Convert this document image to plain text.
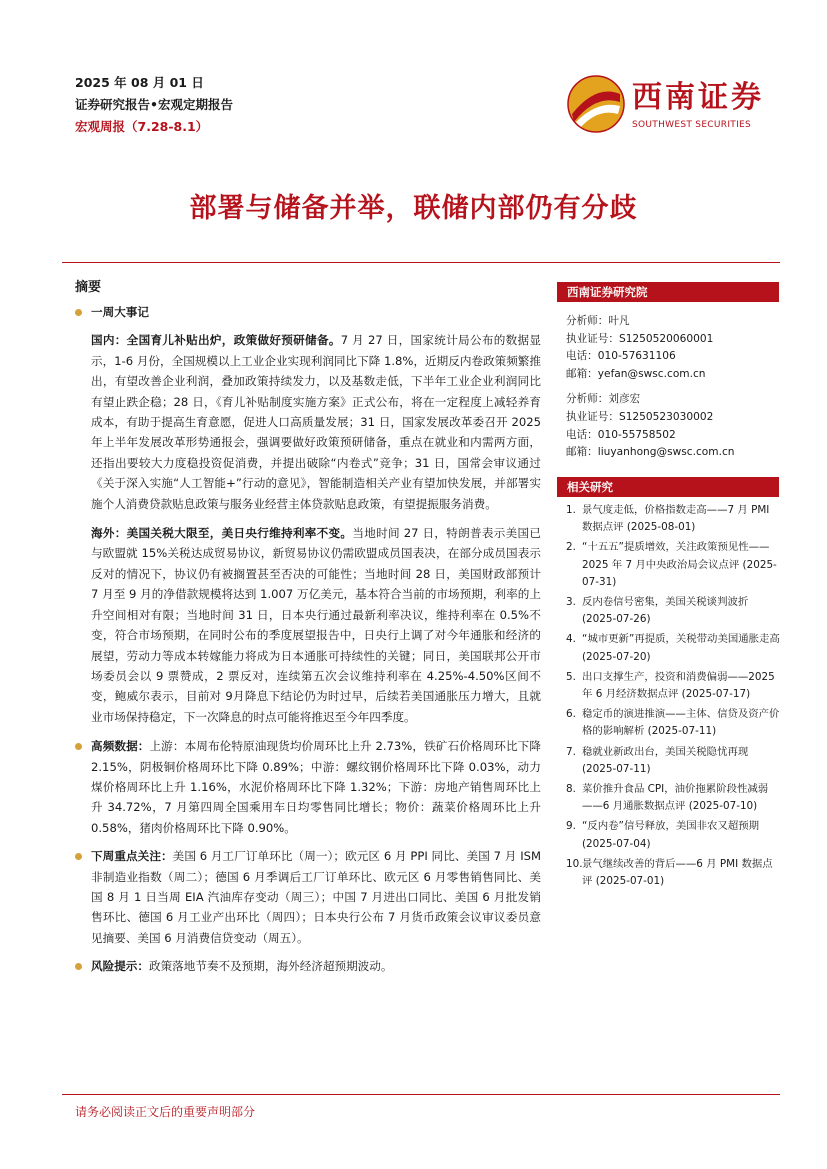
2025 年 08 月 01 日
证券研究报告•宏观定期报告
宏观周报（7.28-8.1）
西南证券
SOUTHWEST SECURITIES
部署与储备并举，联储内部仍有分歧
摘要
一周大事记
国内：全国育儿补贴出炉，政策做好预研储备。7 月 27 日，国家统计局公布的数据显示，1-6 月份，全国规模以上工业企业实现利润同比下降 1.8%，近期反内卷政策频繁推出，有望改善企业利润，叠加政策持续发力，以及基数走低，下半年工业企业利润同比有望止跌企稳；28 日，《育儿补贴制度实施方案》正式公布，将在一定程度上减轻养育成本，有助于提高生育意愿，促进人口高质量发展；31 日，国家发展改革委召开 2025年上半年发展改革形势通报会，强调要做好政策预研储备，重点在就业和内需两方面，还指出要较大力度稳投资促消费，并提出破除“内卷式”竞争；31 日，国常会审议通过《关于深入实施“人工智能+”行动的意见》，智能制造相关产业有望加快发展，并部署实施个人消费贷款贴息政策与服务业经营主体贷款贴息政策，有望提振服务消费。
海外：美国关税大限至，美日央行维持利率不变。当地时间 27 日，特朗普表示美国已与欧盟就 15%关税达成贸易协议，新贸易协议仍需欧盟成员国表决，在部分成员国表示反对的情况下，协议仍有被搁置甚至否决的可能性；当地时间 28 日，美国财政部预计 7 月至 9 月的净借款规模将达到 1.007 万亿美元，基本符合当前的市场预期，利率的上升空间相对有限；当地时间 31 日，日本央行通过最新利率决议，维持利率在 0.5%不变，符合市场预期，在同时公布的季度展望报告中，日央行上调了对今年通胀和经济的展望，劳动力等成本转嫁能力将成为日本通胀可持续性的关键；同日，美国联邦公开市场委员会以 9 票赞成，2 票反对，连续第五次会议维持利率在 4.25%-4.50%区间不变，鲍威尔表示，目前对 9月降息下结论仍为时过早，后续若美国通胀压力增大，且就业市场保持稳定，下一次降息的时点可能将推迟至今年四季度。
高频数据：上游：本周布伦特原油现货均价周环比上升 2.73%，铁矿石价格周环比下降 2.15%，阴极铜价格周环比下降 0.89%；中游：螺纹钢价格周环比下降 0.03%，动力煤价格周环比上升 1.16%，水泥价格周环比下降 1.32%；下游：房地产销售周环比上升 34.72%，7 月第四周全国乘用车日均零售同比增长；物价：蔬菜价格周环比上升 0.58%，猪肉价格周环比下降 0.90%。
下周重点关注：美国 6 月工厂订单环比（周一）；欧元区 6 月 PPI 同比、美国 7 月 ISM 非制造业指数（周二）；德国 6 月季调后工厂订单环比、欧元区 6 月零售销售同比、美国 8 月 1 日当周 EIA 汽油库存变动（周三）；中国 7 月进出口同比、美国 6 月批发销售环比、德国 6 月工业产出环比（周四）；日本央行公布 7 月货币政策会议审议委员意见摘要、美国 6 月消费信贷变动（周五）。
风险提示：政策落地节奏不及预期，海外经济超预期波动。
西南证券研究院
分析师：叶凡
执业证号：S1250520060001
电话：010-57631106
邮箱：yefan@swsc.com.cn
分析师：刘彦宏
执业证号：S1250523030002
电话：010-55758502
邮箱：liuyanhong@swsc.com.cn
相关研究
1. 景气度走低，价格指数走高——7 月 PMI 数据点评 (2025-08-01)
2. “十五五”提质增效，关注政策预见性——2025 年 7 月中央政治局会议点评 (2025-07-31)
3. 反内卷信号密集，美国关税谈判波折 (2025-07-26)
4. “城市更新”再提质，关税带动美国通胀走高 (2025-07-20)
5. 出口支撑生产，投资和消费偏弱——2025 年 6 月经济数据点评 (2025-07-17)
6. 稳定币的演进推演——主体、信贷及资产价格的影响解析 (2025-07-11)
7. 稳就业新政出台，美国关税隐忧再现 (2025-07-11)
8. 菜价推升食品 CPI，油价拖累阶段性减弱——6 月通胀数据点评 (2025-07-10)
9. “反内卷”信号释放，美国非农又超预期 (2025-07-04)
10. 景气继续改善的背后——6 月 PMI 数据点评 (2025-07-01)
请务必阅读正文后的重要声明部分
